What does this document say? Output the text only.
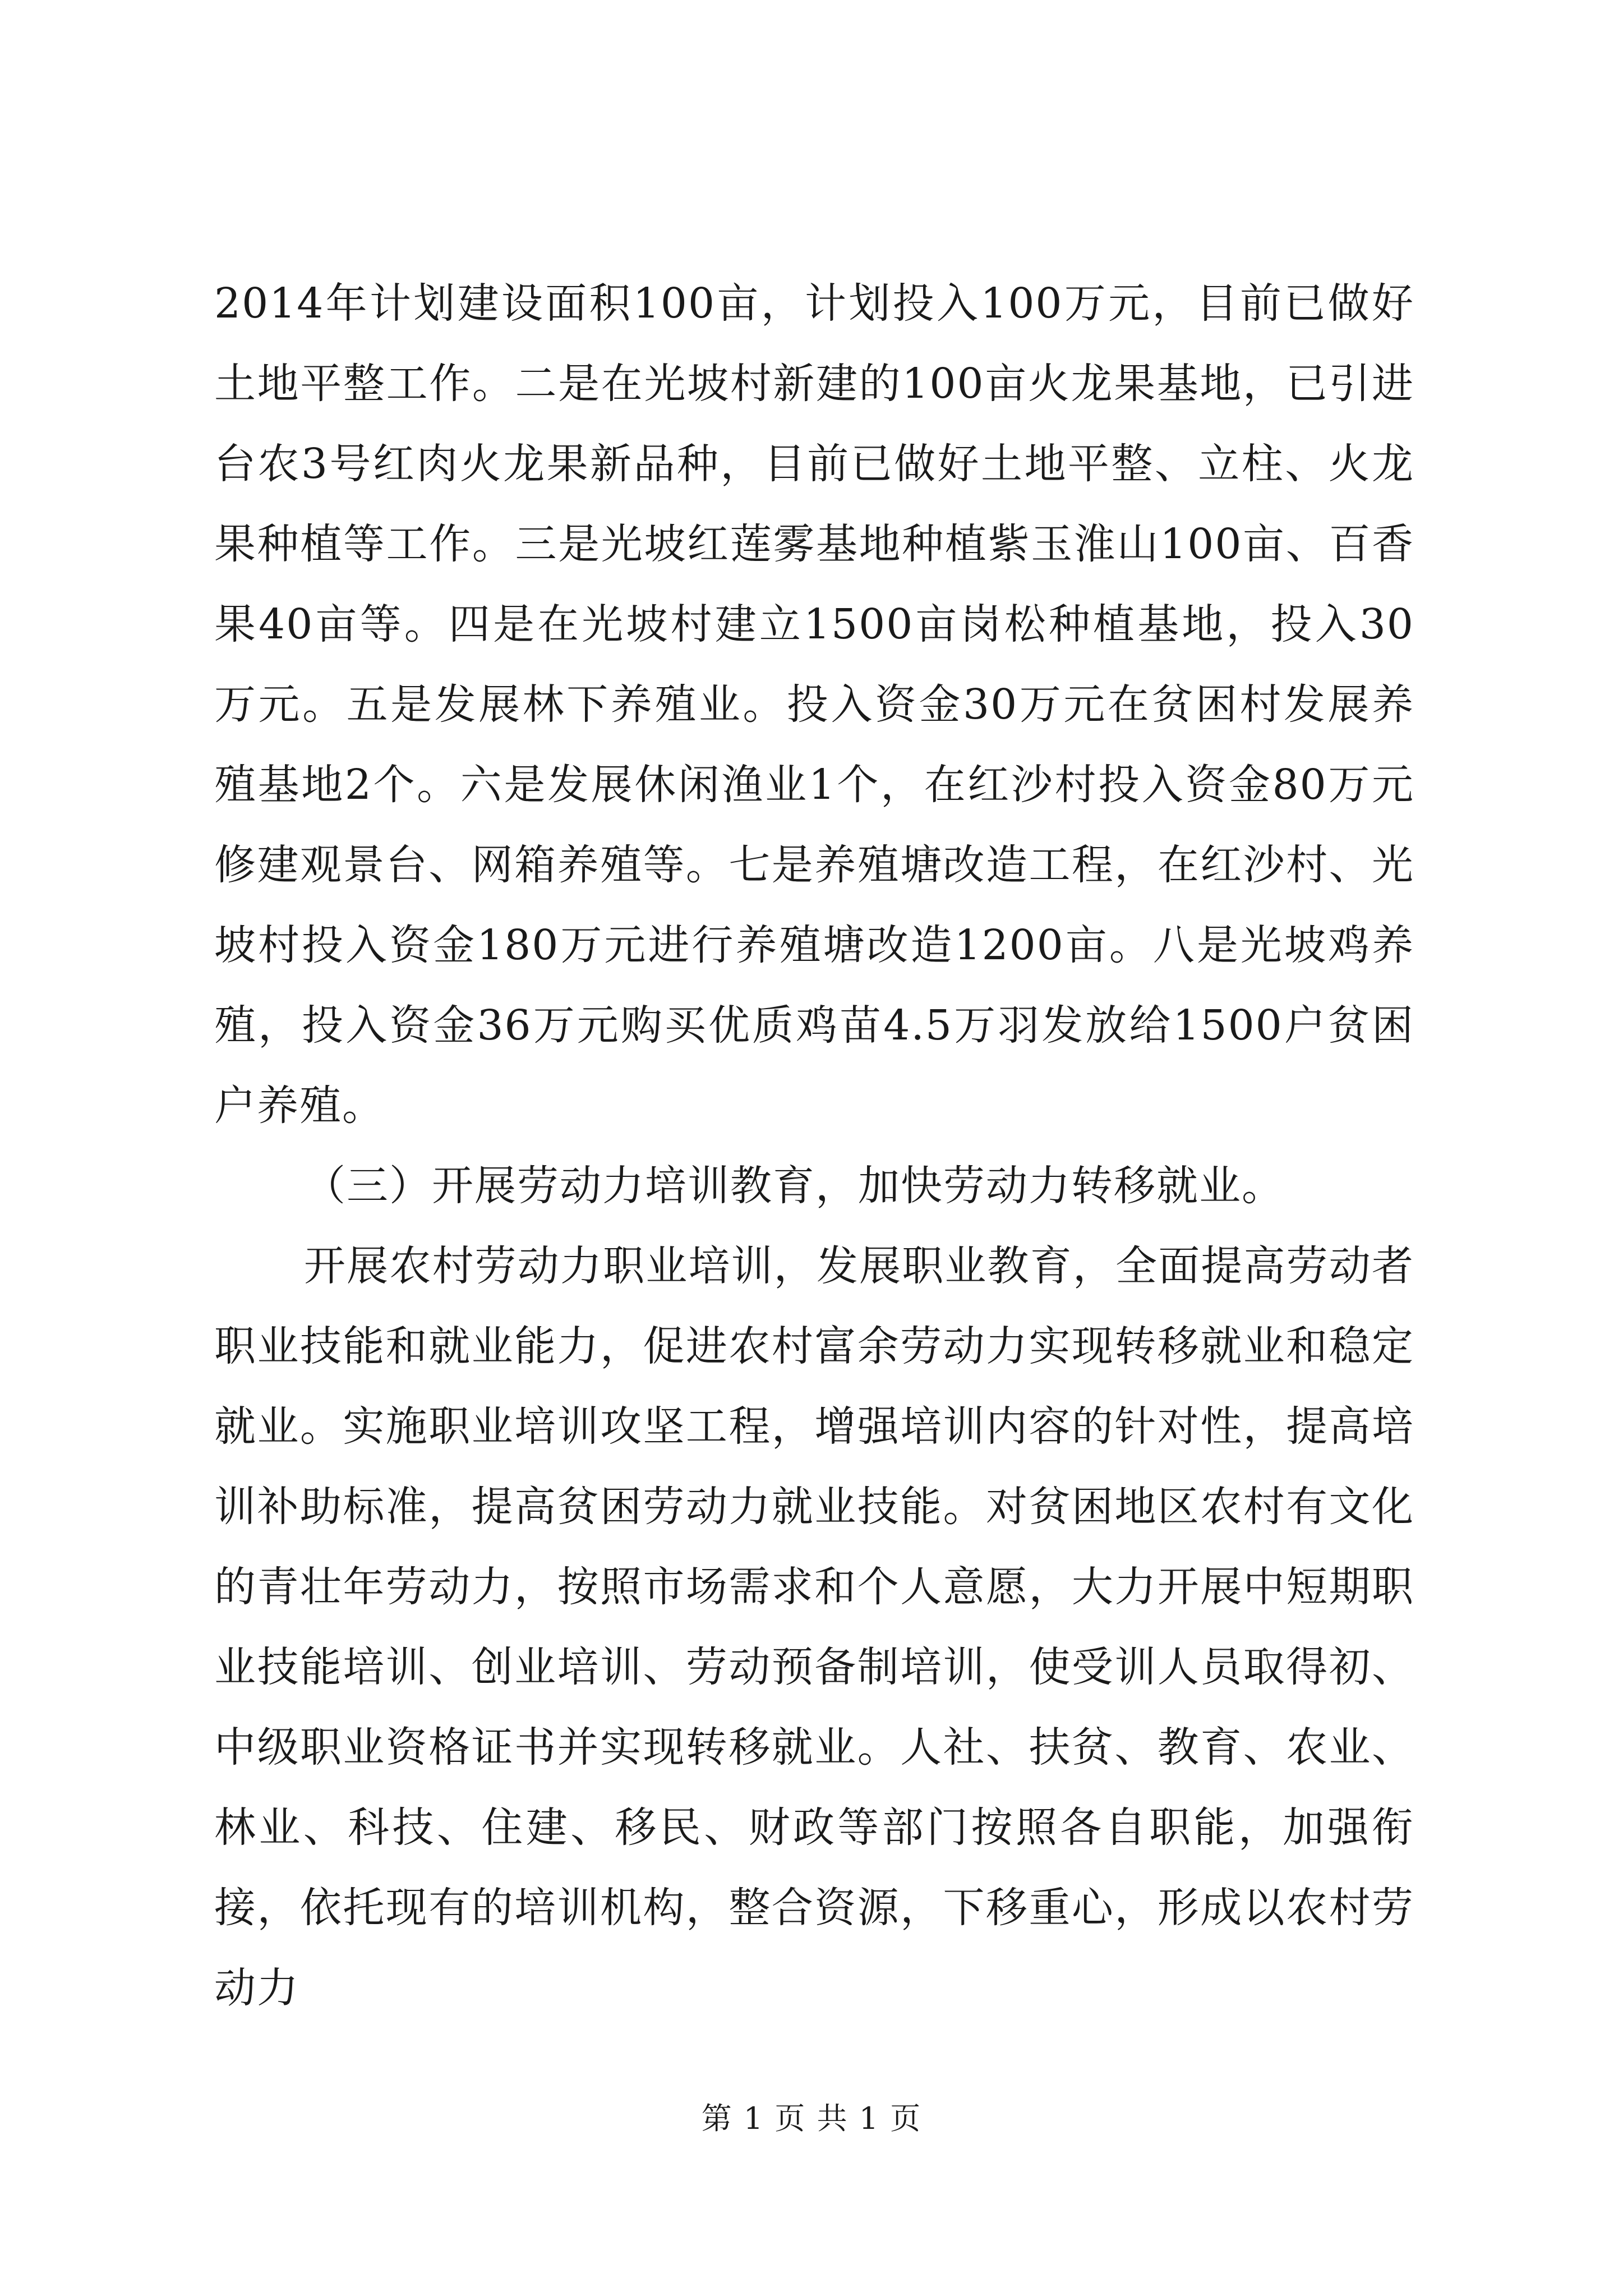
2014年计划建设面积100亩，计划投入100万元，目前已做好土地平整工作。二是在光坡村新建的100亩火龙果基地，已引进台农3号红肉火龙果新品种，目前已做好土地平整、立柱、火龙果种植等工作。三是光坡红莲雾基地种植紫玉淮山100亩、百香果40亩等。四是在光坡村建立1500亩岗松种植基地，投入30万元。五是发展林下养殖业。投入资金30万元在贫困村发展养殖基地2个。六是发展休闲渔业1个，在红沙村投入资金80万元修建观景台、网箱养殖等。七是养殖塘改造工程，在红沙村、光坡村投入资金180万元进行养殖塘改造1200亩。八是光坡鸡养殖，投入资金36万元购买优质鸡苗4.5万羽发放给1500户贫困户养殖。

（三）开展劳动力培训教育，加快劳动力转移就业。

开展农村劳动力职业培训，发展职业教育，全面提高劳动者职业技能和就业能力，促进农村富余劳动力实现转移就业和稳定就业。实施职业培训攻坚工程，增强培训内容的针对性，提高培训补助标准，提高贫困劳动力就业技能。对贫困地区农村有文化的青壮年劳动力，按照市场需求和个人意愿，大力开展中短期职业技能培训、创业培训、劳动预备制培训，使受训人员取得初、中级职业资格证书并实现转移就业。人社、扶贫、教育、农业、林业、科技、住建、移民、财政等部门按照各自职能，加强衔接，依托现有的培训机构，整合资源，下移重心，形成以农村劳动力

第 1 页 共 1 页
